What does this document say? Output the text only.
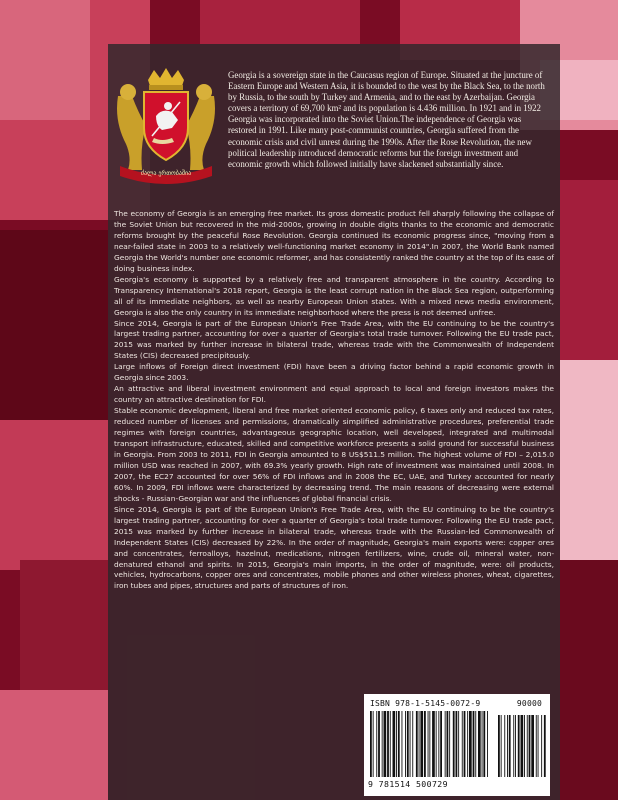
ძალა ერთობაშია
Georgia is a sovereign state in the Caucasus region of Europe. Situated at the juncture of Eastern Europe and Western Asia, it is bounded to the west by the Black Sea, to the north by Russia, to the south by Turkey and Armenia, and to the east by Azerbaijan. Georgia covers a territory of 69,700 km² and its population is 4.436 million. In 1921 and in 1922 Georgia was incorporated into the Soviet Union.The independence of Georgia was restored in 1991. Like many post-communist countries, Georgia suffered from the economic crisis and civil unrest during the 1990s. After the Rose Revolution, the new political leadership introduced democratic reforms but the foreign investment and economic growth which followed initially have slackened substantially since.

The economy of Georgia is an emerging free market. Its gross domestic product fell sharply following the collapse of the Soviet Union but recovered in the mid-2000s, growing in double digits thanks to the economic and democratic reforms brought by the peaceful Rose Revolution. Georgia continued its economic progress since, "moving from a near-failed state in 2003 to a relatively well-functioning market economy in 2014".In 2007, the World Bank named Georgia the World's number one economic reformer, and has consistently ranked the country at the top of its ease of doing business index.

Georgia's economy is supported by a relatively free and transparent atmosphere in the country. According to Transparency International's 2018 report, Georgia is the least corrupt nation in the Black Sea region, outperforming all of its immediate neighbors, as well as nearby European Union states. With a mixed news media environment, Georgia is also the only country in its immediate neighborhood where the press is not deemed unfree.

Since 2014, Georgia is part of the European Union's Free Trade Area, with the EU continuing to be the country's largest trading partner, accounting for over a quarter of Georgia's total trade turnover. Following the EU trade pact, 2015 was marked by further increase in bilateral trade, whereas trade with the Commonwealth of Independent States (CIS) decreased precipitously.

Large inflows of Foreign direct investment (FDI) have been a driving factor behind a rapid economic growth in Georgia since 2003.

An attractive and liberal investment environment and equal approach to local and foreign investors makes the country an attractive destination for FDI.

Stable economic development, liberal and free market oriented economic policy, 6 taxes only and reduced tax rates, reduced number of licenses and permissions, dramatically simplified administrative procedures, preferential trade regimes with foreign countries, advantageous geographic location, well developed, integrated and multimodal transport infrastructure, educated, skilled and competitive workforce presents a solid ground for successful business in Georgia. From 2003 to 2011, FDI in Georgia amounted to 8 US$511.5 million. The highest volume of FDI – 2,015.0 million USD was reached in 2007, with 69.3% yearly growth. High rate of investment was maintained until 2008. In 2007, the EC27 accounted for over 56% of FDI inflows and in 2008 the EC, UAE, and Turkey accounted for nearly 60%. In 2009, FDI inflows were characterized by decreasing trend. The main reasons of decreasing were external shocks - Russian-Georgian war and the influences of global financial crisis.

Since 2014, Georgia is part of the European Union's Free Trade Area, with the EU continuing to be the country's largest trading partner, accounting for over a quarter of Georgia's total trade turnover. Following the EU trade pact, 2015 was marked by further increase in bilateral trade, whereas trade with the Russian-led Commonwealth of Independent States (CIS) decreased by 22%. In the order of magnitude, Georgia's main exports were: copper ores and concentrates, ferroalloys, hazelnut, medications, nitrogen fertilizers, wine, crude oil, mineral water, non-denatured ethanol and spirits. In 2015, Georgia's main imports, in the order of magnitude, were: oil products, vehicles, hydrocarbons, copper ores and concentrates, mobile phones and other wireless phones, wheat, cigarettes, iron tubes and pipes, structures and parts of structures of iron.

ISBN 978-1-5145-0072-9	90000
9 781514 500729
